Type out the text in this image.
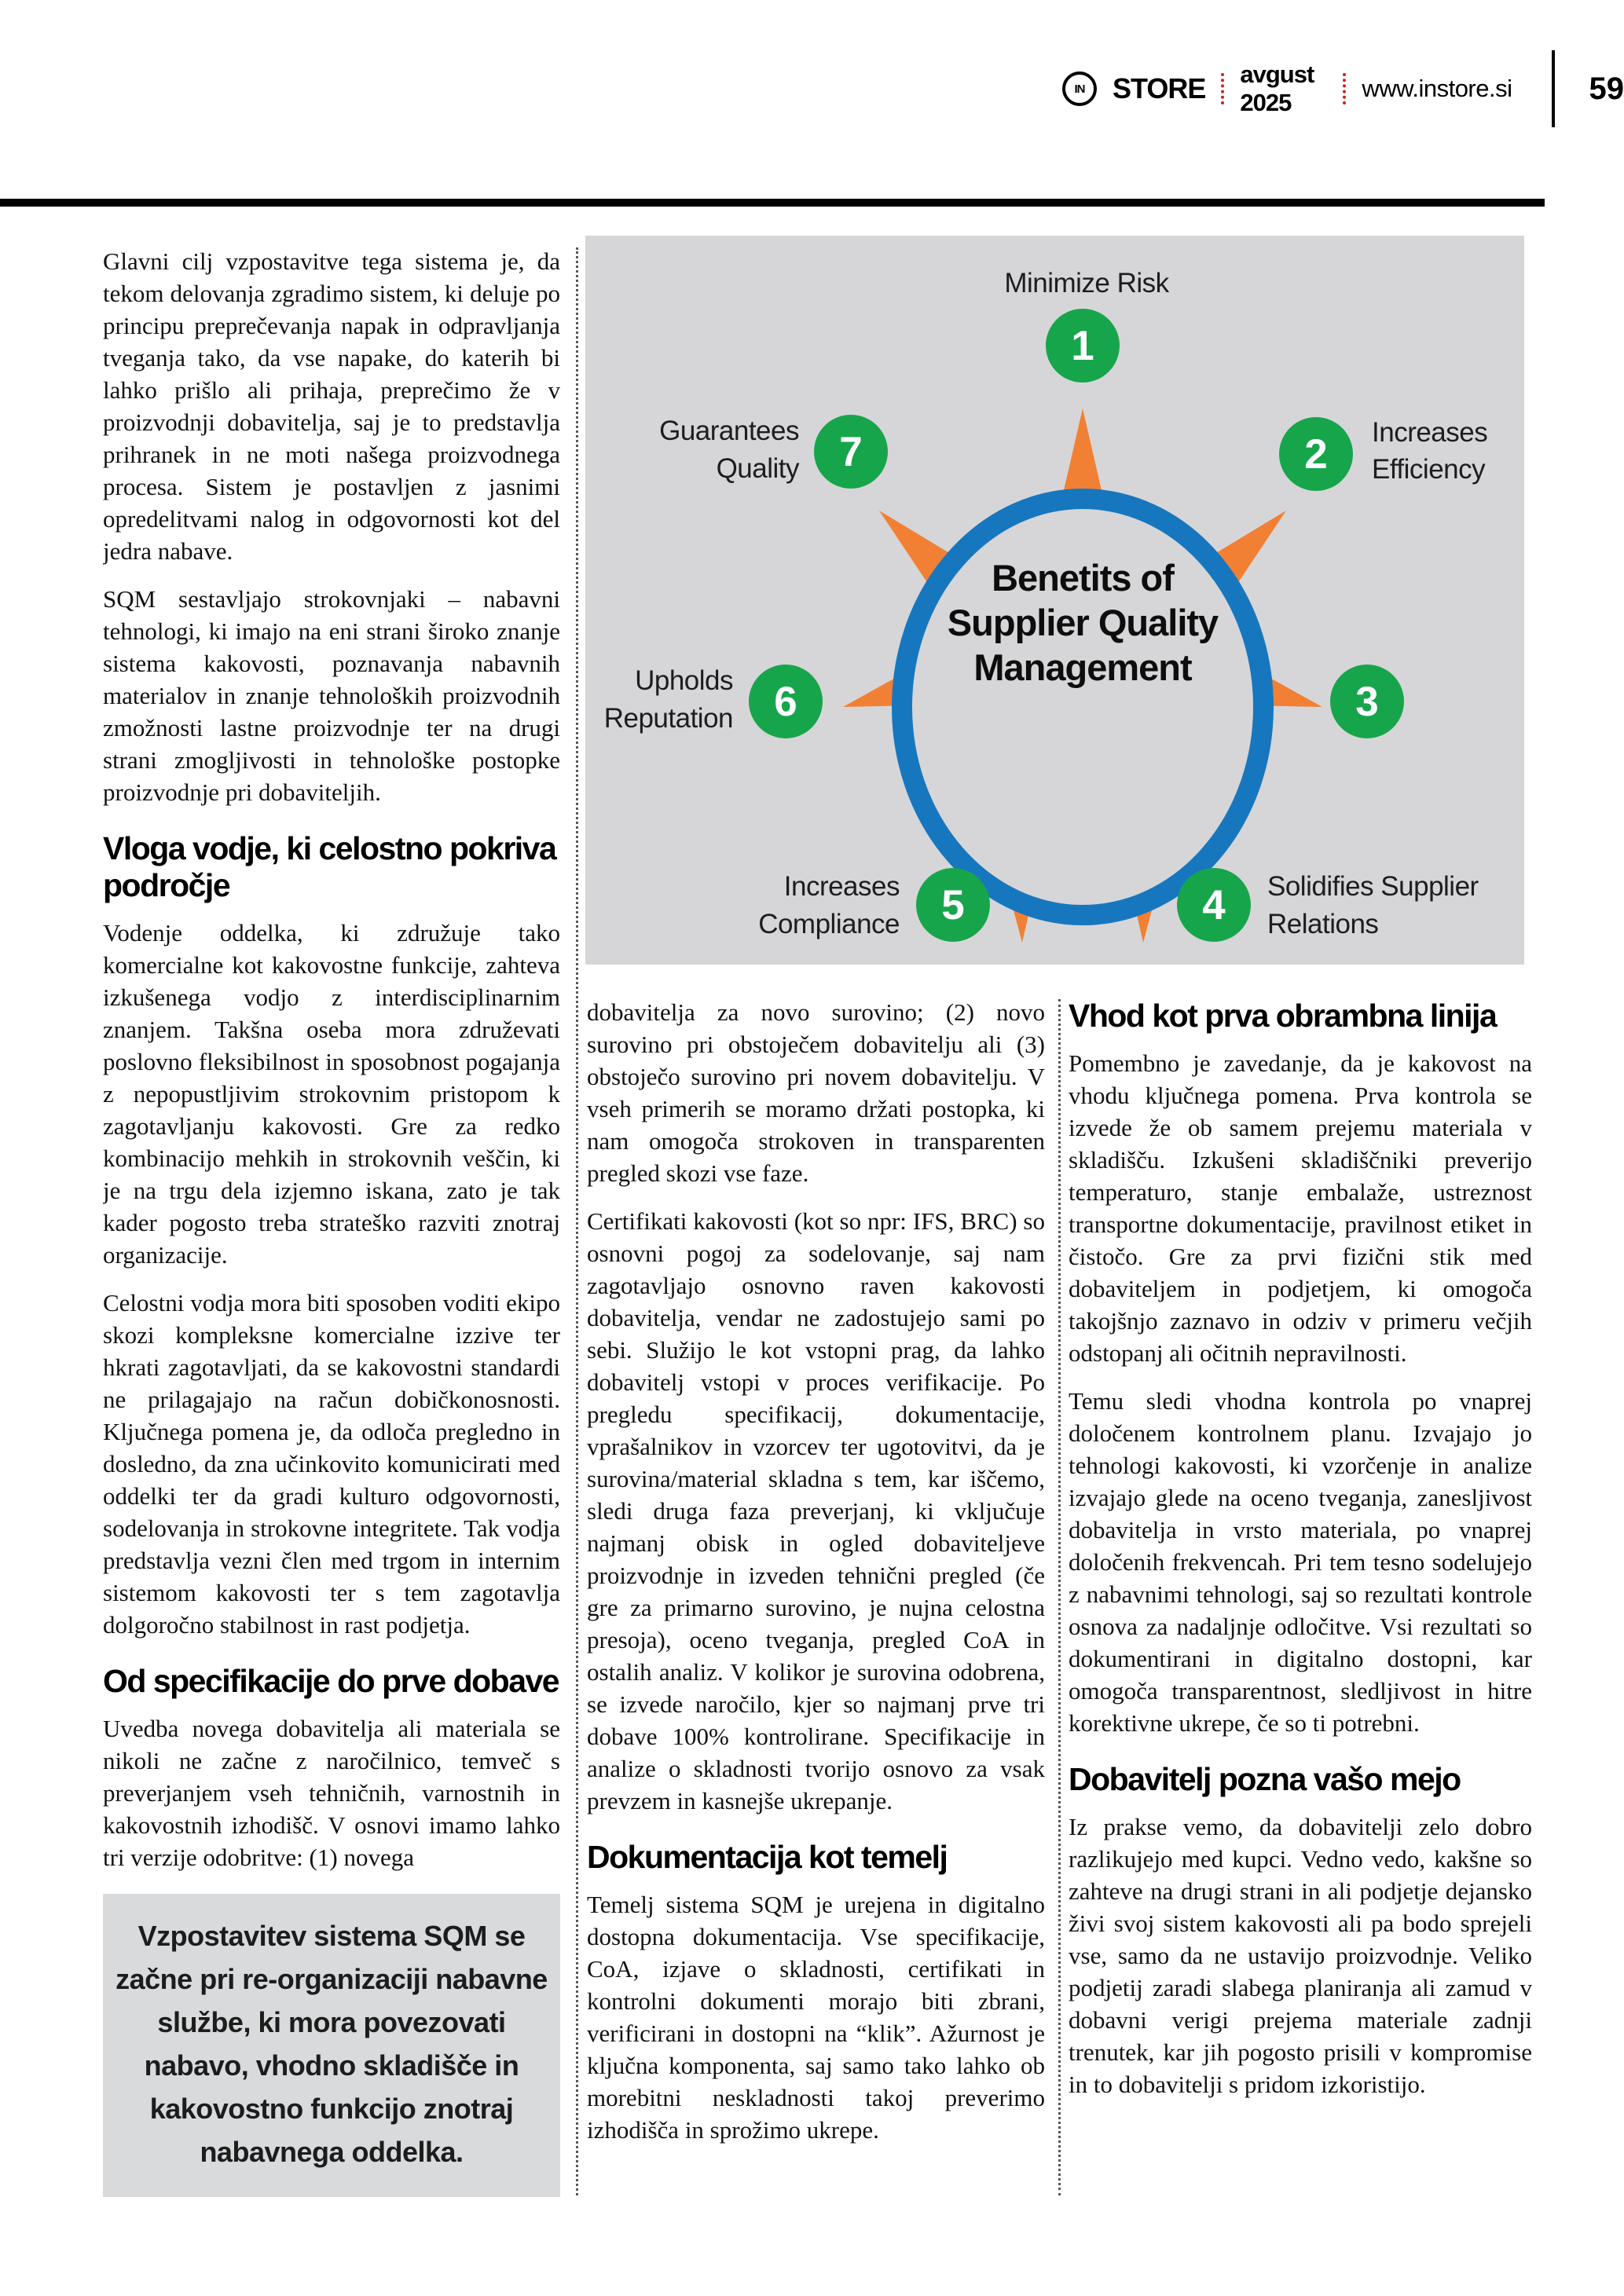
IN STORE avgust 2025
www.instore.si 59

Glavni cilj vzpostavitve tega sistema je, da tekom delovanja zgradimo sistem, ki deluje po principu preprečevanja napak in odpravljanja tveganja tako, da vse napake, do katerih bi lahko prišlo ali prihaja, preprečimo že v proizvodnji dobavitelja, saj je to predstavlja prihranek in ne moti našega proizvodnega procesa. Sistem je postavljen z jasnimi opredelitvami nalog in odgovornosti kot del jedra nabave.

SQM sestavljajo strokovnjaki – nabavni tehnologi, ki imajo na eni strani široko znanje sistema kakovosti, poznavanja nabavnih materialov in znanje tehnoloških proizvodnih zmožnosti lastne proizvodnje ter na drugi strani zmogljivosti in tehnološke postopke proizvodnje pri dobaviteljih.

Vloga vodje, ki celostno pokriva področje

Vodenje oddelka, ki združuje tako komercialne kot kakovostne funkcije, zahteva izkušenega vodjo z interdisciplinarnim znanjem. Takšna oseba mora združevati poslovno fleksibilnost in sposobnost pogajanja z nepopustljivim strokovnim pristopom k zagotavljanju kakovosti. Gre za redko kombinacijo mehkih in strokovnih veščin, ki je na trgu dela izjemno iskana, zato je tak kader pogosto treba strateško razviti znotraj organizacije.

Celostni vodja mora biti sposoben voditi ekipo skozi kompleksne komercialne izzive ter hkrati zagotavljati, da se kakovostni standardi ne prilagajajo na račun dobičkonosnosti. Ključnega pomena je, da odloča pregledno in dosledno, da zna učinkovito komunicirati med oddelki ter da gradi kulturo odgovornosti, sodelovanja in strokovne integritete. Tak vodja predstavlja vezni člen med trgom in internim sistemom kakovosti ter s tem zagotavlja dolgoročno stabilnost in rast podjetja.

Od specifikacije do prve dobave

Uvedba novega dobavitelja ali materiala se nikoli ne začne z naročilnico, temveč s preverjanjem vseh tehničnih, varnostnih in kakovostnih izhodišč. V osnovi imamo lahko tri verzije odobritve: (1) novega

Vzpostavitev sistema SQM se začne pri re-organizaciji nabavne službe, ki mora povezovati nabavo, vhodno skladišče in kakovostno funkcijo znotraj nabavnega oddelka.
Benetits of
Supplier Quality
Management
1
Minimize Risk
2 Increases
Efficiency
3
4 Solidifies Supplier
Relations
5
Increases
Compliance
6
Upholds
Reputation
7
Guarantees
Quality

dobavitelja za novo surovino; (2) novo surovino pri obstoječem dobavitelju ali (3) obstoječo surovino pri novem dobavitelju. V vseh primerih se moramo držati postopka, ki nam omogoča strokoven in transparenten pregled skozi vse faze.

Certifikati kakovosti (kot so npr: IFS, BRC) so osnovni pogoj za sodelovanje, saj nam zagotavljajo osnovno raven kakovosti dobavitelja, vendar ne zadostujejo sami po sebi. Služijo le kot vstopni prag, da lahko dobavitelj vstopi v proces verifikacije. Po pregledu specifikacij, dokumentacije, vprašalnikov in vzorcev ter ugotovitvi, da je surovina/material skladna s tem, kar iščemo, sledi druga faza preverjanj, ki vključuje najmanj obisk in ogled dobaviteljeve proizvodnje in izveden tehnični pregled (če gre za primarno surovino, je nujna celostna presoja), oceno tveganja, pregled CoA in ostalih analiz. V kolikor je surovina odobrena, se izvede naročilo, kjer so najmanj prve tri dobave 100% kontrolirane. Specifikacije in analize o skladnosti tvorijo osnovo za vsak prevzem in kasnejše ukrepanje.

Dokumentacija kot temelj

Temelj sistema SQM je urejena in digitalno dostopna dokumentacija. Vse specifikacije, CoA, izjave o skladnosti, certifikati in kontrolni dokumenti morajo biti zbrani, verificirani in dostopni na “klik”. Ažurnost je ključna komponenta, saj samo tako lahko ob morebitni neskladnosti takoj preverimo izhodišča in sprožimo ukrepe.

Vhod kot prva obrambna linija

Pomembno je zavedanje, da je kakovost na vhodu ključnega pomena. Prva kontrola se izvede že ob samem prejemu materiala v skladišču. Izkušeni skladiščniki preverijo temperaturo, stanje embalaže, ustreznost transportne dokumentacije, pravilnost etiket in čistočo. Gre za prvi fizični stik med dobaviteljem in podjetjem, ki omogoča takojšnjo zaznavo in odziv v primeru večjih odstopanj ali očitnih nepravilnosti.

Temu sledi vhodna kontrola po vnaprej določenem kontrolnem planu. Izvajajo jo tehnologi kakovosti, ki vzorčenje in analize izvajajo glede na oceno tveganja, zanesljivost dobavitelja in vrsto materiala, po vnaprej določenih frekvencah. Pri tem tesno sodelujejo z nabavnimi tehnologi, saj so rezultati kontrole osnova za nadaljnje odločitve. Vsi rezultati so dokumentirani in digitalno dostopni, kar omogoča transparentnost, sledljivost in hitre korektivne ukrepe, če so ti potrebni.

Dobavitelj pozna vašo mejo

Iz prakse vemo, da dobavitelji zelo dobro razlikujejo med kupci. Vedno vedo, kakšne so zahteve na drugi strani in ali podjetje dejansko živi svoj sistem kakovosti ali pa bodo sprejeli vse, samo da ne ustavijo proizvodnje. Veliko podjetij zaradi slabega planiranja ali zamud v dobavni verigi prejema materiale zadnji trenutek, kar jih pogosto prisili v kompromise in to dobavitelji s pridom izkoristijo.
